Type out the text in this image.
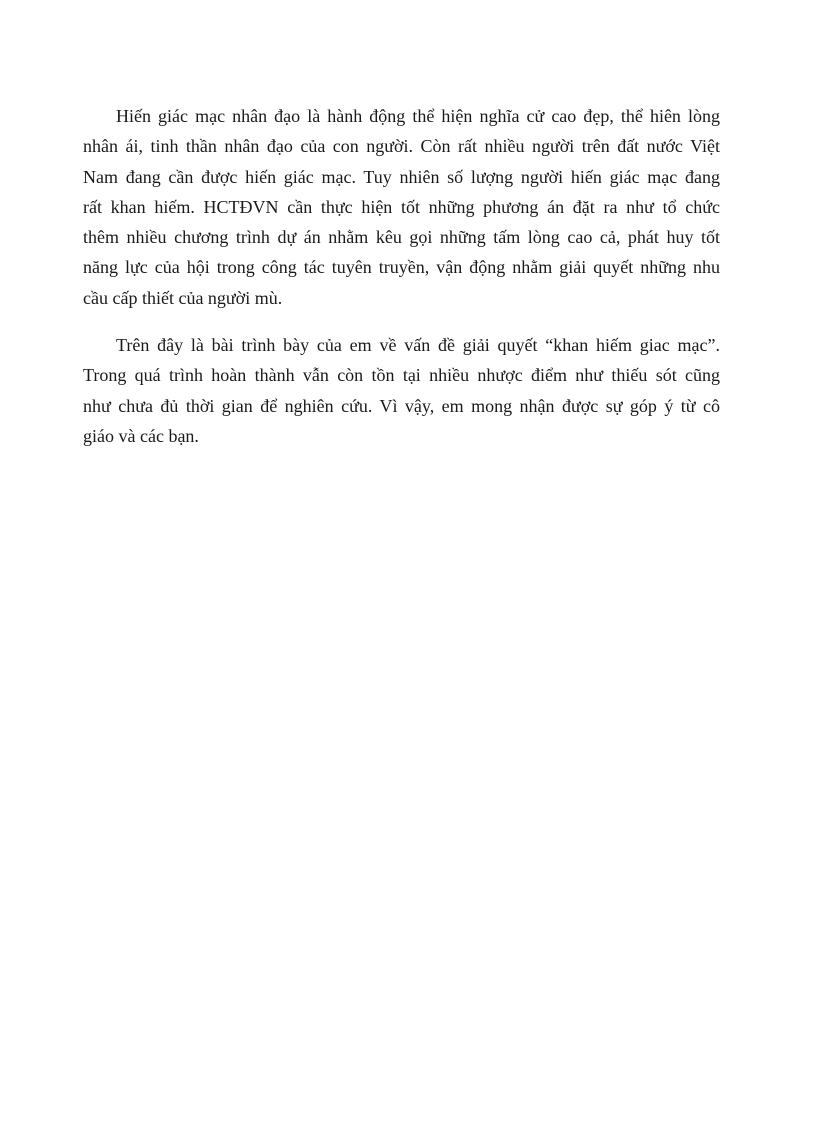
Hiến giác mạc nhân đạo là hành động thể hiện nghĩa cử cao đẹp, thể hiên lòng
nhân ái, tinh thần nhân đạo của con người. Còn rất nhiều người trên đất nước Việt
Nam đang cần được hiến giác mạc. Tuy nhiên số lượng người hiến giác mạc đang
rất khan hiếm. HCTĐVN cần thực hiện tốt những phương án đặt ra như tổ chức
thêm nhiều chương trình dự án nhằm kêu gọi những tấm lòng cao cả, phát huy tốt
năng lực của hội trong công tác tuyên truyền, vận động nhằm giải quyết những nhu
cầu cấp thiết của người mù.
Trên đây là bài trình bày của em về vấn đề giải quyết “khan hiếm giac mạc”.
Trong quá trình hoàn thành vẫn còn tồn tại nhiều nhược điểm như thiếu sót cũng
như chưa đủ thời gian để nghiên cứu. Vì vậy, em mong nhận được sự góp ý từ cô
giáo và các bạn.
